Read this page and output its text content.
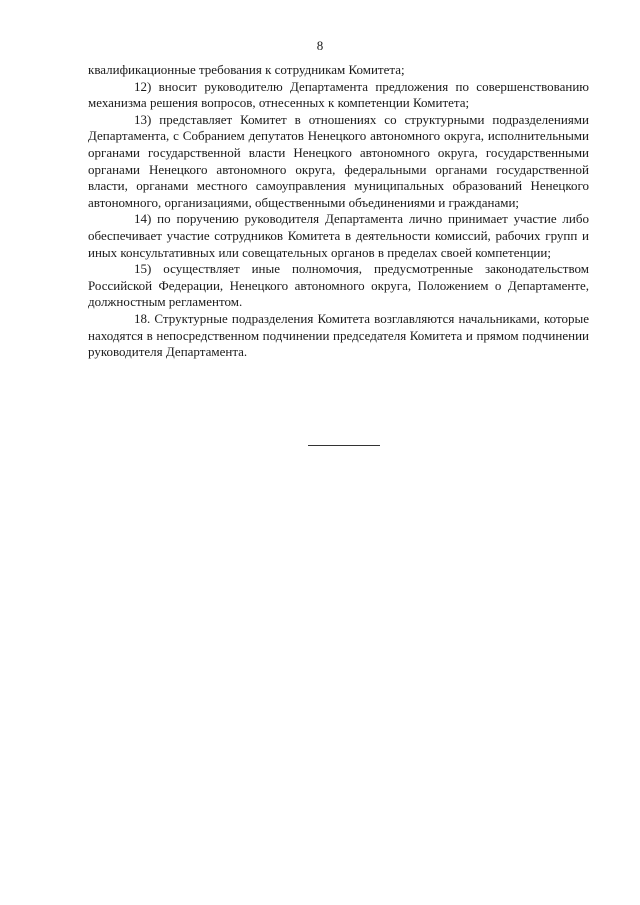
8

квалификационные требования к сотрудникам Комитета;

12) вносит руководителю Департамента предложения по совершенствованию механизма решения вопросов, отнесенных к компетенции Комитета;

13) представляет Комитет в отношениях со структурными подразделениями Департамента, с Собранием депутатов Ненецкого автономного округа, исполнительными органами государственной власти Ненецкого автономного округа, государственными органами Ненецкого автономного округа, федеральными органами государственной власти, органами местного самоуправления муниципальных образований Ненецкого автономного, организациями, общественными объединениями и гражданами;

14) по поручению руководителя Департамента лично принимает участие либо обеспечивает участие сотрудников Комитета в деятельности комиссий, рабочих групп и иных консультативных или совещательных органов в пределах своей компетенции;

15) осуществляет иные полномочия, предусмотренные законодательством Российской Федерации, Ненецкого автономного округа, Положением о Департаменте, должностным регламентом.

18. Структурные подразделения Комитета возглавляются начальниками, которые находятся в непосредственном подчинении председателя Комитета и прямом подчинении руководителя Департамента.
